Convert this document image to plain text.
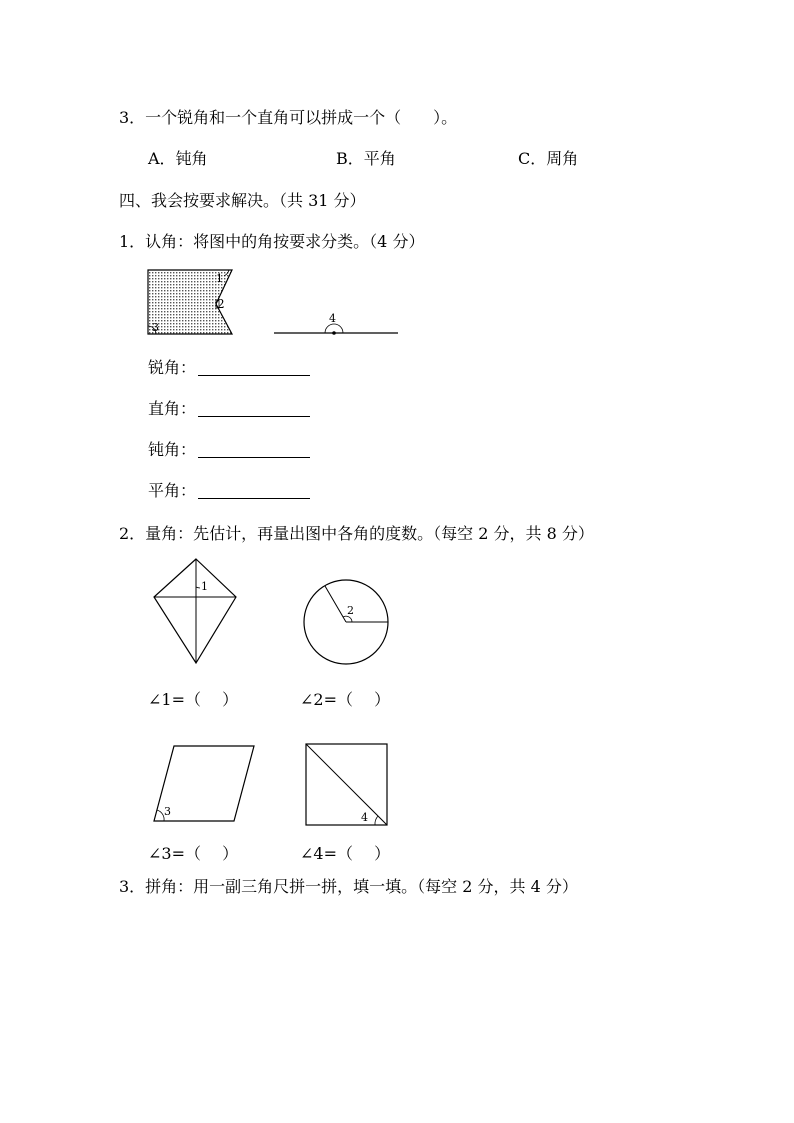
3．一个锐角和一个直角可以拼成一个（　　）。
A．钝角	B．平角	C．周角
四、我会按要求解决。（共 31 分）
1．认角：将图中的角按要求分类。（4 分）
1
2
3
4
锐角：
直角：
钝角：
平角：
2．量角：先估计，再量出图中各角的度数。（每空 2 分，共 8 分）
1
2
∠1=（　 ）	∠2=（　 ）
3	4
∠3=（　 ）	∠4=（　 ）
3．拼角：用一副三角尺拼一拼，填一填。（每空 2 分，共 4 分）
